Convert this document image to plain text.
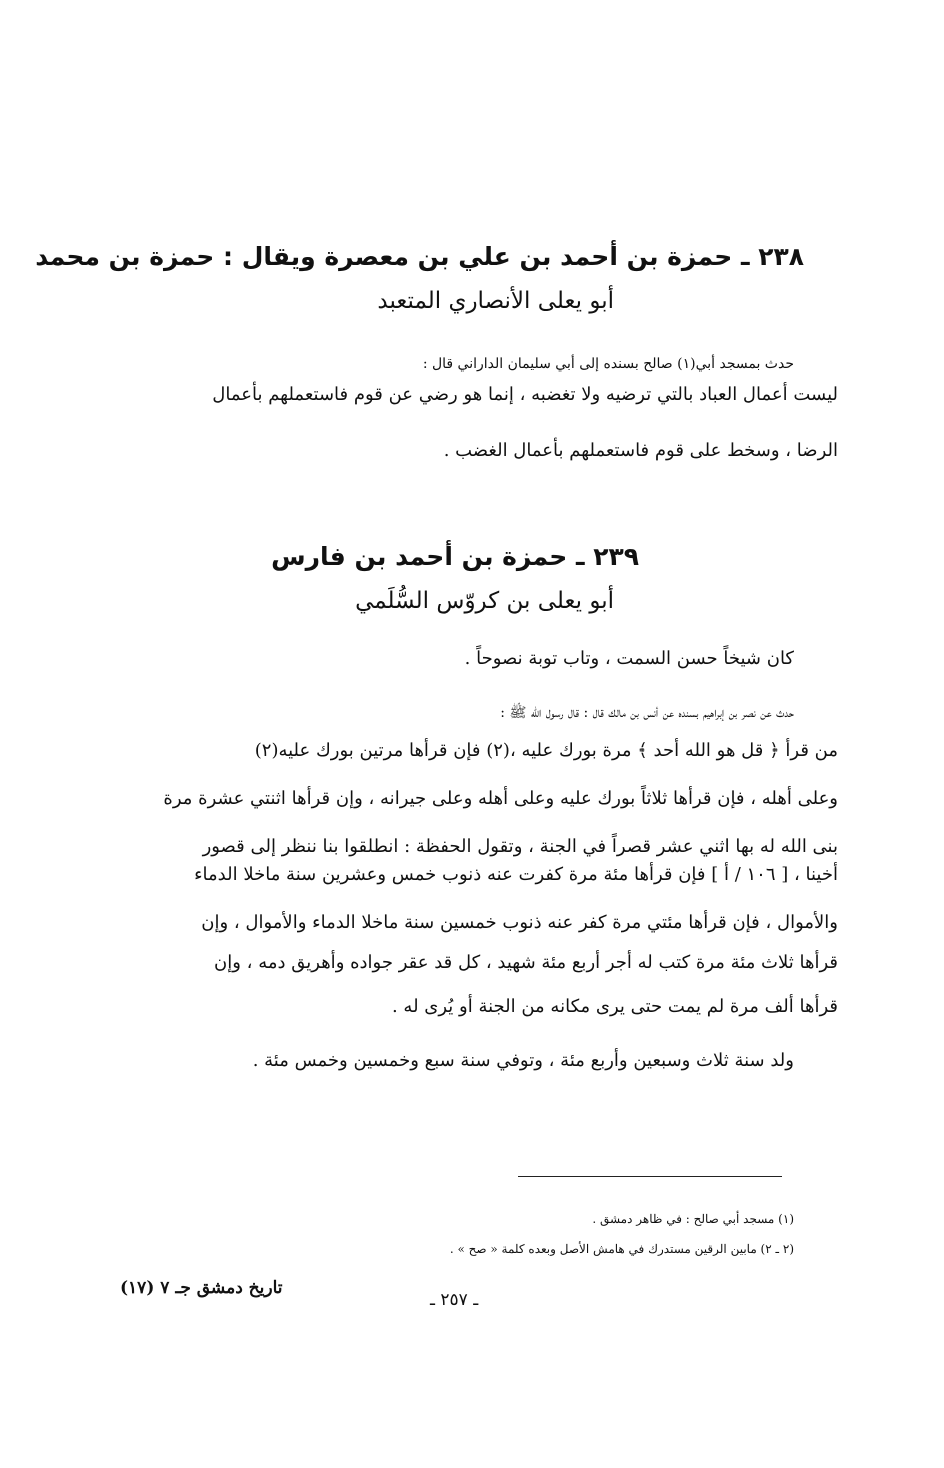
٢٣٨ ـ حمزة بن أحمد بن علي بن معصرة ويقال : حمزة بن محمد
أبو يعلى الأنصاري المتعبد
حدث بمسجد أبي(١) صالح بسنده إلى أبي سليمان الداراني قال :
ليست أعمال العباد بالتي ترضيه ولا تغضبه ، إنما هو رضي عن قوم فاستعملهم بأعمال
الرضا ، وسخط على قوم فاستعملهم بأعمال الغضب .
٢٣٩ ـ حمزة بن أحمد بن فارس
أبو يعلى بن كروّس السُّلَمي
كان شيخاً حسن السمت ، وتاب توبة نصوحاً .
حدث عن نصر بن إبراهيم بسنده عن أنس بن مالك قال : قال رسول الله ﷺ :
من قرأ ﴿ قل هو الله أحد ﴾ مرة بورك عليه ،(٢) فإن قرأها مرتين بورك عليه(٢)
وعلى أهله ، فإن قرأها ثلاثاً بورك عليه وعلى أهله وعلى جيرانه ، وإن قرأها اثنتي عشرة مرة
بنى الله له بها اثني عشر قصراً في الجنة ، وتقول الحفظة : انطلقوا بنا ننظر إلى قصور
أخينا ، [ ١٠٦ / أ ] فإن قرأها مئة مرة كفرت عنه ذنوب خمس وعشرين سنة ماخلا الدماء
والأموال ، فإن قرأها مئتي مرة كفر عنه ذنوب خمسين سنة ماخلا الدماء والأموال ، وإن
قرأها ثلاث مئة مرة كتب له أجر أربع مئة شهيد ، كل قد عقر جواده وأهريق دمه ، وإن
قرأها ألف مرة لم يمت حتى يرى مكانه من الجنة أو يُرى له .
ولد سنة ثلاث وسبعين وأربع مئة ، وتوفي سنة سبع وخمسين وخمس مئة .
(١) مسجد أبي صالح : في ظاهر دمشق .
(٢ ـ ٢) مابين الرقين مستدرك في هامش الأصل وبعده كلمة « صح » .
ـ ٢٥٧ ـ
تاريخ دمشق جـ ٧ (١٧)
